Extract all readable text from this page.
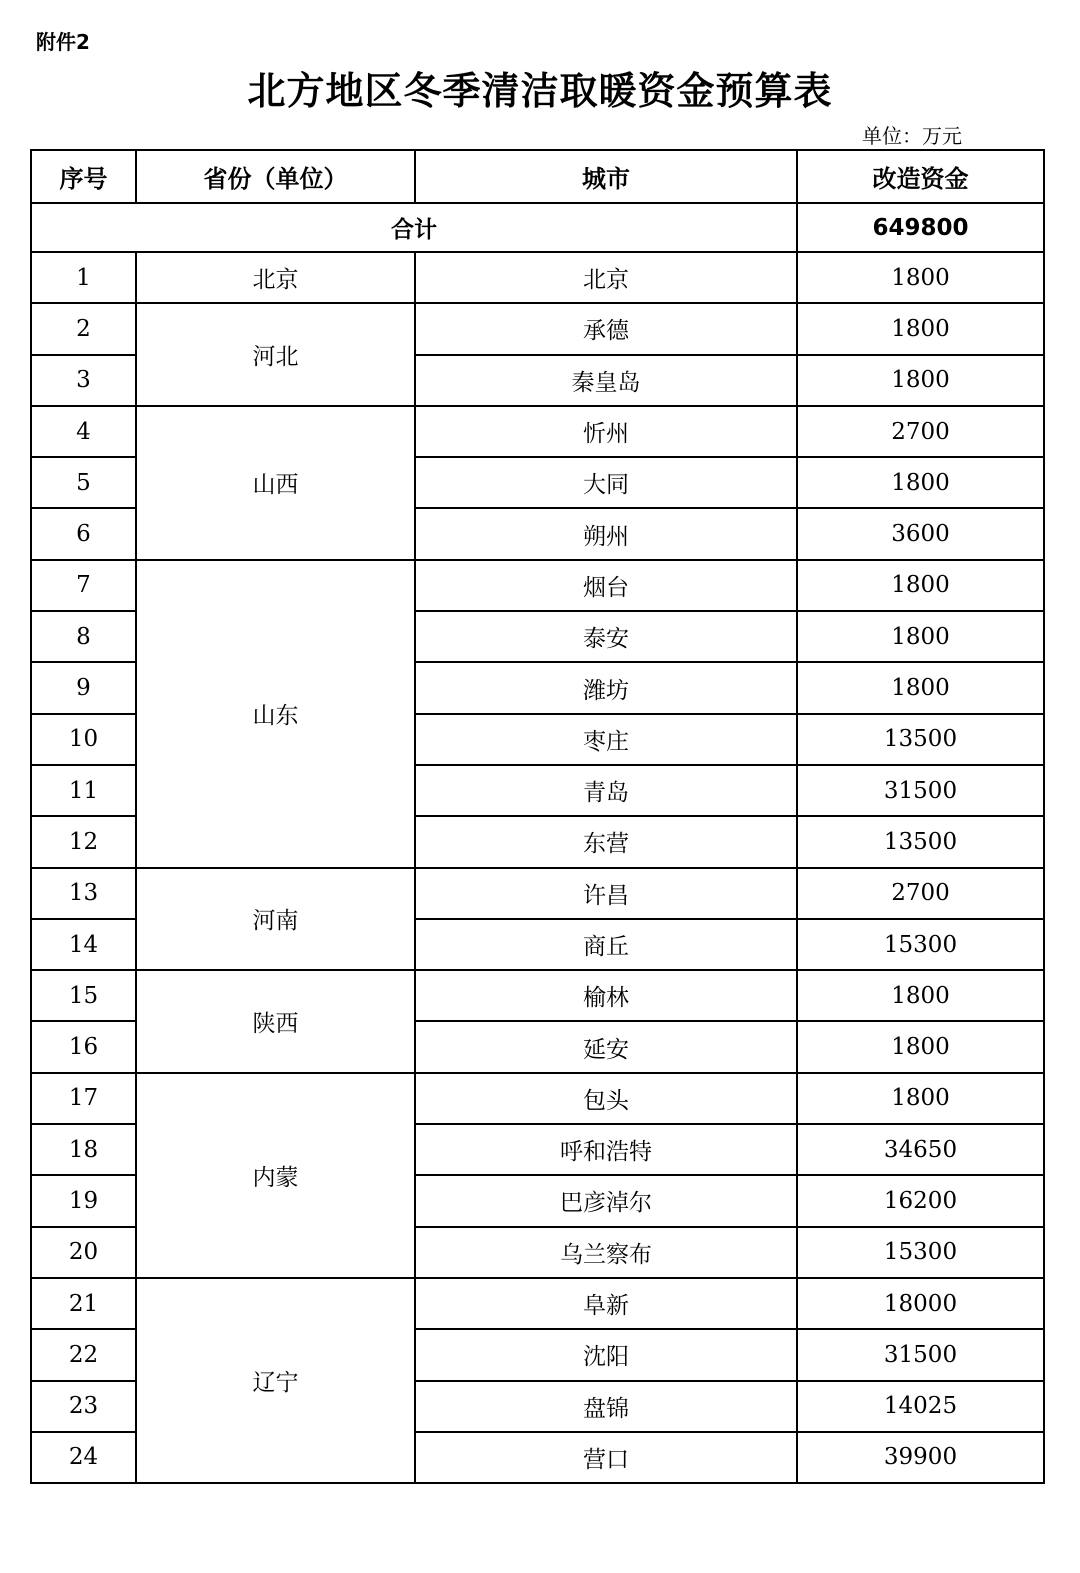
附件2
北方地区冬季清洁取暖资金预算表
单位：万元
序号	省份（单位）	城市	改造资金
合计			649800
1	北京	北京	1800
2	河北	承德	1800
3		秦皇岛	1800
4	山西	忻州	2700
5		大同	1800
6		朔州	3600
7	山东	烟台	1800
8		泰安	1800
9		潍坊	1800
10		枣庄	13500
11		青岛	31500
12		东营	13500
13	河南	许昌	2700
14		商丘	15300
15	陕西	榆林	1800
16		延安	1800
17	内蒙	包头	1800
18		呼和浩特	34650
19		巴彦淖尔	16200
20		乌兰察布	15300
21	辽宁	阜新	18000
22		沈阳	31500
23		盘锦	14025
24		营口	39900
